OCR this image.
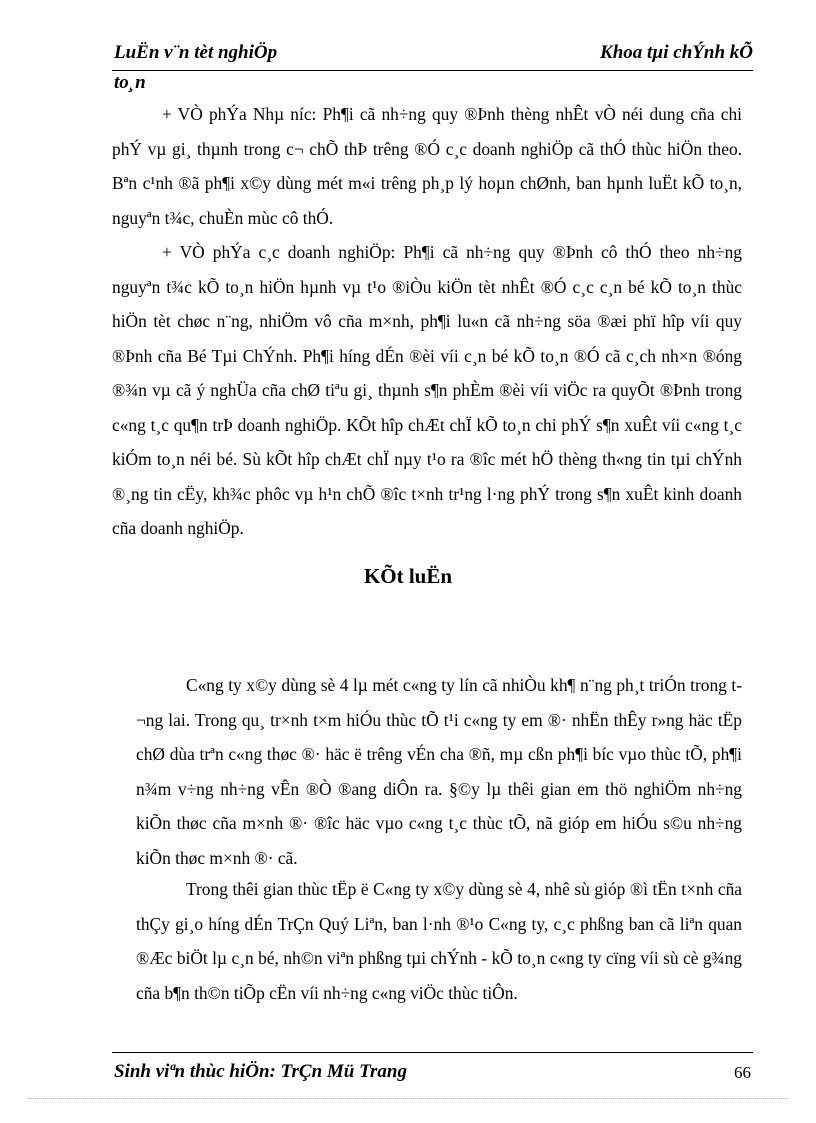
LuËn v¨n tèt nghiÖp	Khoa tµi chÝnh kÕ
to¸n

+ VÒ phÝa Nhµ níc: Ph¶i cã nh÷ng quy ®Þnh thèng nhÊt vÒ néi dung cña chi phÝ vµ gi¸ thµnh trong c¬ chÕ thÞ trêng ®Ó c¸c doanh nghiÖp cã thÓ thùc hiÖn theo. Bªn c¹nh ®ã ph¶i x©y dùng mét m«i trêng ph¸p lý hoµn chØnh, ban hµnh luËt kÕ to¸n, nguyªn t¾c, chuÈn mùc cô thÓ.

+ VÒ phÝa c¸c doanh nghiÖp: Ph¶i cã nh÷ng quy ®Þnh cô thÓ theo nh÷ng nguyªn t¾c kÕ to¸n hiÖn hµnh vµ t¹o ®iÒu kiÖn tèt nhÊt ®Ó c¸c c¸n bé kÕ to¸n thùc hiÖn tèt chøc n¨ng, nhiÖm vô cña m×nh, ph¶i lu«n cã nh÷ng söa ®æi phï hîp víi quy ®Þnh cña Bé Tµi ChÝnh. Ph¶i híng dÉn ®èi víi c¸n bé kÕ to¸n ®Ó cã c¸ch nh×n ®óng ®¾n vµ cã ý nghÜa cña chØ tiªu gi¸ thµnh s¶n phÈm ®èi víi viÖc ra quyÕt ®Þnh trong c«ng t¸c qu¶n trÞ doanh nghiÖp. KÕt hîp chÆt chÏ kÕ to¸n chi phÝ s¶n xuÊt víi c«ng t¸c kiÓm to¸n néi bé. Sù kÕt hîp chÆt chÏ nµy t¹o ra ®îc mét hÖ thèng th«ng tin tµi chÝnh ®¸ng tin cËy, kh¾c phôc vµ h¹n chÕ ®îc t×nh tr¹ng l·ng phÝ trong s¶n xuÊt kinh doanh cña doanh nghiÖp.

KÕt luËn

C«ng ty x©y dùng sè 4 lµ mét c«ng ty lín cã nhiÒu kh¶ n¨ng ph¸t triÓn trong t¬ng lai. Trong qu¸ tr×nh t×m hiÓu thùc tÕ t¹i c«ng ty em ®· nhËn thÊy r»ng häc tËp chØ dùa trªn c«ng thøc ®· häc ë trêng vÉn cha ®ñ, mµ cßn ph¶i bíc vµo thùc tÕ, ph¶i n¾m v÷ng nh÷ng vÊn ®Ò ®ang diÔn ra. §©y lµ thêi gian em thö nghiÖm nh÷ng kiÕn thøc cña m×nh ®· ®îc häc vµo c«ng t¸c thùc tÕ, nã gióp em hiÓu s©u nh÷ng kiÕn thøc m×nh ®· cã.

Trong thêi gian thùc tËp ë C«ng ty x©y dùng sè 4, nhê sù gióp ®ì tËn t×nh cña thÇy gi¸o híng dÉn TrÇn Quý Liªn, ban l·nh ®¹o C«ng ty, c¸c phßng ban cã liªn quan ®Æc biÖt lµ c¸n bé, nh©n viªn phßng tµi chÝnh - kÕ to¸n c«ng ty cïng víi sù cè g¾ng cña b¶n th©n tiÕp cËn víi nh÷ng c«ng viÖc thùc tiÔn.

Sinh viªn thùc hiÖn: TrÇn Mü Trang	66
